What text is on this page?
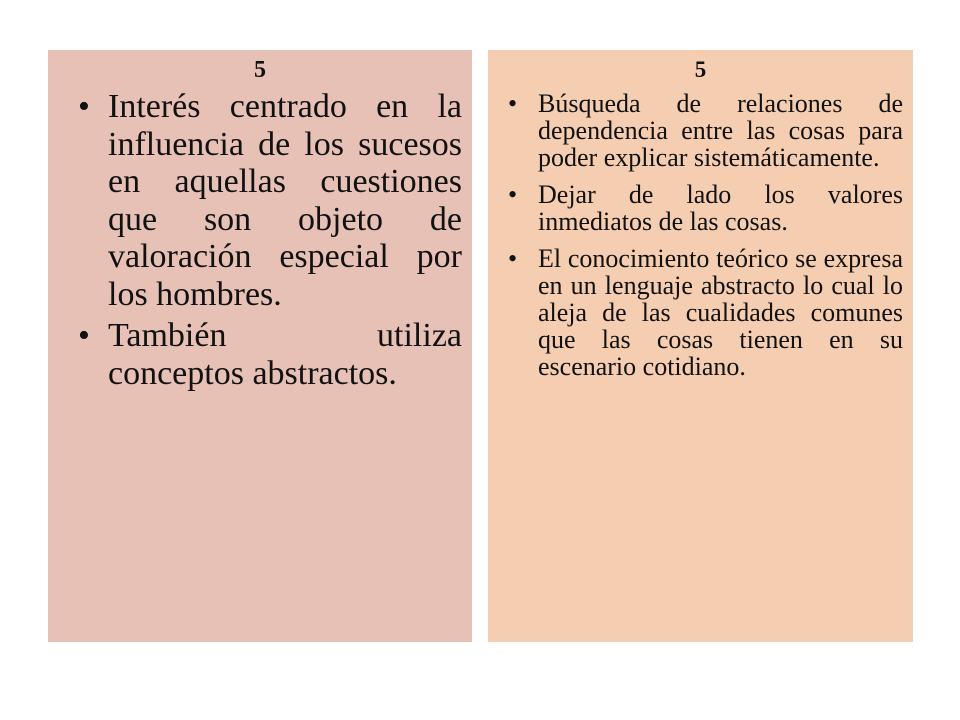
5

• Interés centrado en la influencia de los sucesos en aquellas cuestiones que son objeto de valoración especial por los hombres.
• También utiliza conceptos abstractos.

5

• Búsqueda de relaciones de dependencia entre las cosas para poder explicar sistemáticamente.
• Dejar de lado los valores inmediatos de las cosas.
• El conocimiento teórico se expresa en un lenguaje abstracto lo cual lo aleja de las cualidades comunes que las cosas tienen en su escenario cotidiano.
